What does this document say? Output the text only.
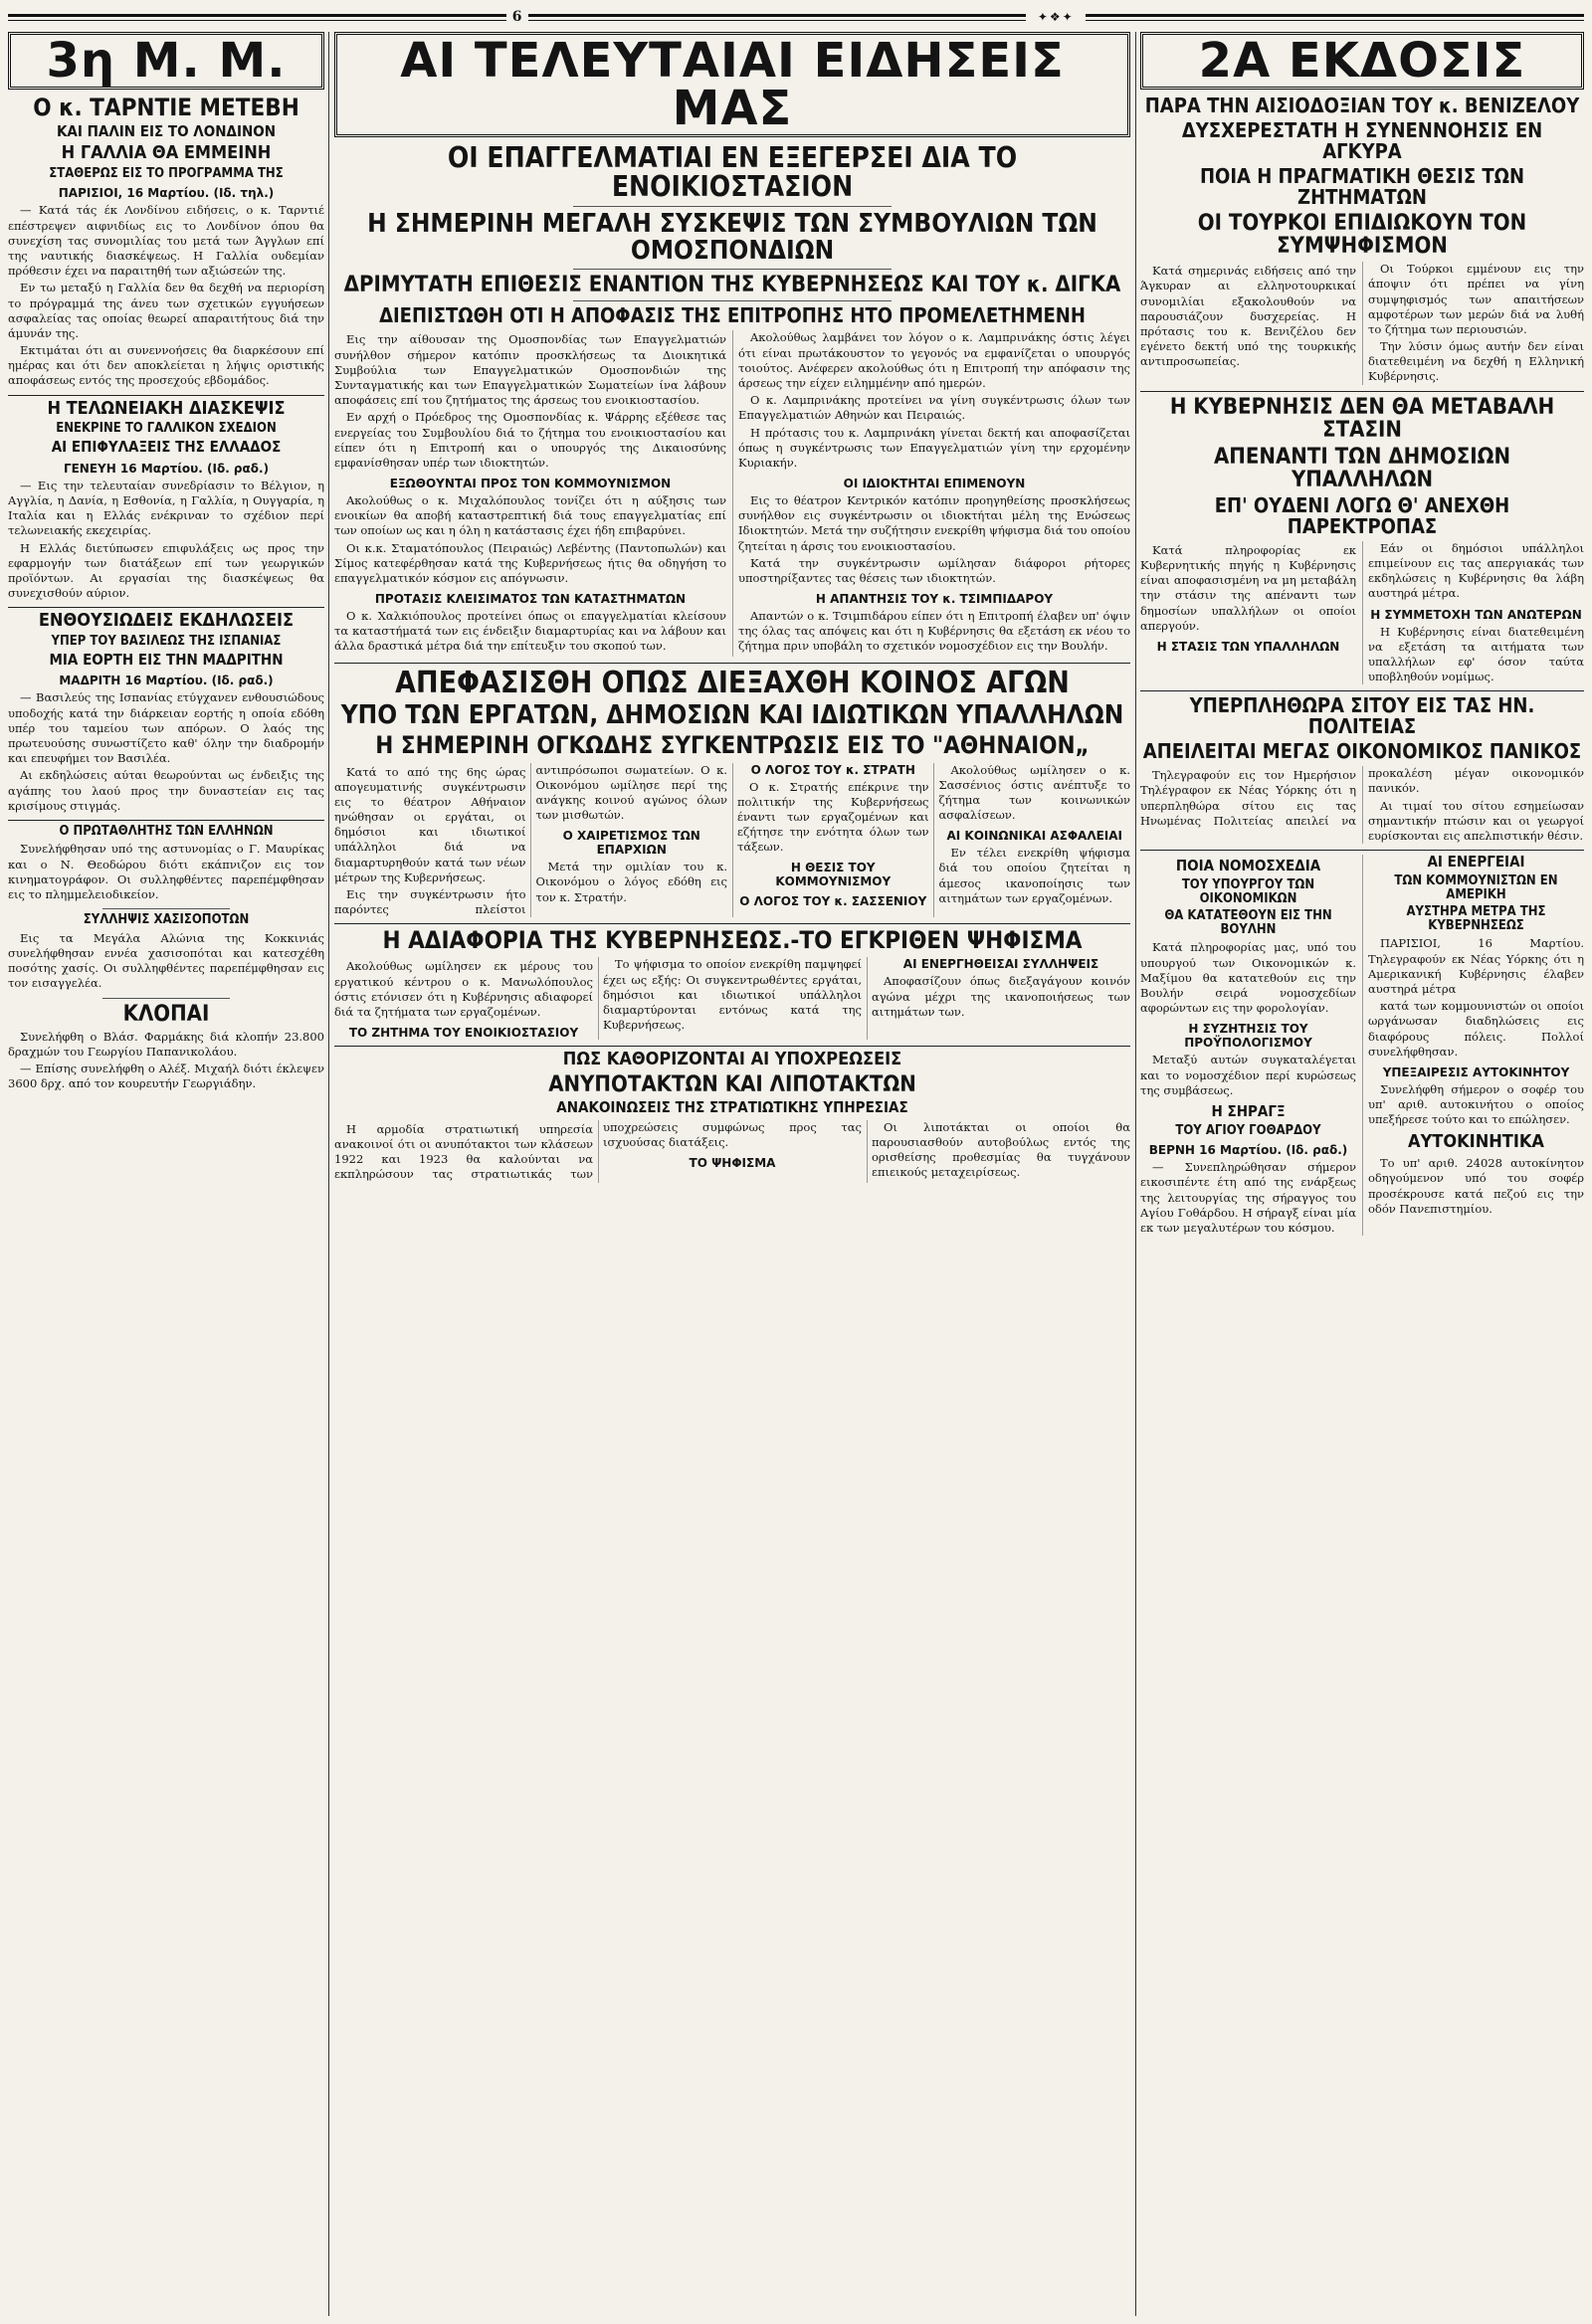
6	✦❖✦
3η Μ. Μ.
Ο κ. ΤΑΡΝΤΙΕ ΜΕΤΕΒΗ
ΚΑΙ ΠΑΛΙΝ ΕΙΣ ΤΟ ΛΟΝΔΙΝΟΝ
Η ΓΑΛΛΙΑ ΘΑ ΕΜΜΕΙΝΗ
ΣΤΑΘΕΡΩΣ ΕΙΣ ΤΟ ΠΡΟΓΡΑΜΜΑ ΤΗΣ
ΠΑΡΙΣΙΟΙ, 16 Μαρτίου. (Ιδ. τηλ.)

— Κατά τάς έκ Λονδίνου ειδήσεις, ο κ. Ταρντιέ επέστρεψεν αιφνιδίως εις το Λονδίνον όπου θα συνεχίση τας συνομιλίας του μετά των Άγγλων επί της ναυτικής διασκέψεως. Η Γαλλία ουδεμίαν πρόθεσιν έχει να παραιτηθή των αξιώσεών της.

Εν τω μεταξύ η Γαλλία δεν θα δεχθή να περιορίση το πρόγραμμά της άνευ των σχετικών εγγυήσεων ασφαλείας τας οποίας θεωρεί απαραιτήτους διά την άμυνάν της.

Εκτιμάται ότι αι συνεννοήσεις θα διαρκέσουν επί ημέρας και ότι δεν αποκλείεται η λήψις οριστικής αποφάσεως εντός της προσεχούς εβδομάδος.

Η ΤΕΛΩΝΕΙΑΚΗ ΔΙΑΣΚΕΨΙΣ
ΕΝΕΚΡΙΝΕ ΤΟ ΓΑΛΛΙΚΟΝ ΣΧΕΔΙΟΝ
ΑΙ ΕΠΙΦΥΛΑΞΕΙΣ ΤΗΣ ΕΛΛΑΔΟΣ
ΓΕΝΕΥΗ 16 Μαρτίου. (Ιδ. ραδ.)

— Εις την τελευταίαν συνεδρίασιν το Βέλγιον, η Αγγλία, η Δανία, η Εσθονία, η Γαλλία, η Ουγγαρία, η Ιταλία και η Ελλάς ενέκριναν το σχέδιον περί τελωνειακής εκεχειρίας.

Η Ελλάς διετύπωσεν επιφυλάξεις ως προς την εφαρμογήν των διατάξεων επί των γεωργικών προϊόντων. Αι εργασίαι της διασκέψεως θα συνεχισθούν αύριον.

ΕΝΘΟΥΣΙΩΔΕΙΣ ΕΚΔΗΛΩΣΕΙΣ
ΥΠΕΡ ΤΟΥ ΒΑΣΙΛΕΩΣ ΤΗΣ ΙΣΠΑΝΙΑΣ
ΜΙΑ ΕΟΡΤΗ ΕΙΣ ΤΗΝ ΜΑΔΡΙΤΗΝ
ΜΑΔΡΙΤΗ 16 Μαρτίου. (Ιδ. ραδ.)

— Βασιλεύς της Ισπανίας ετύγχανεν ενθουσιώδους υποδοχής κατά την διάρκειαν εορτής η οποία εδόθη υπέρ του ταμείου των απόρων. Ο λαός της πρωτευούσης συνωστίζετο καθ' όλην την διαδρομήν και επευφήμει τον Βασιλέα.

Αι εκδηλώσεις αύται θεωρούνται ως ένδειξις της αγάπης του λαού προς την δυναστείαν εις τας κρισίμους στιγμάς.

Ο ΠΡΩΤΑΘΛΗΤΗΣ ΤΩΝ ΕΛΛΗΝΩΝ

Συνελήφθησαν υπό της αστυνομίας ο Γ. Μαυρίκας και ο Ν. Θεοδώρου διότι εκάπνιζον εις τον κινηματογράφον. Οι συλληφθέντες παρεπέμφθησαν εις το πλημμελειοδικείον.

ΣΥΛΛΗΨΙΣ ΧΑΣΙΣΟΠΟΤΩΝ

Εις τα Μεγάλα Αλώνια της Κοκκινιάς συνελήφθησαν εννέα χασισοπόται και κατεσχέθη ποσότης χασίς. Οι συλληφθέντες παρεπέμφθησαν εις τον εισαγγελέα.

ΚΛΟΠΑΙ

Συνελήφθη ο Βλάσ. Φαρμάκης διά κλοπήν 23.800 δραχμών του Γεωργίου Παπανικολάου.

— Επίσης συνελήφθη ο Αλέξ. Μιχαήλ διότι έκλεψεν 3600 δρχ. από τον κουρευτήν Γεωργιάδην.

ΑΙ ΤΕΛΕΥΤΑΙΑΙ ΕΙΔΗΣΕΙΣ ΜΑΣ
ΟΙ ΕΠΑΓΓΕΛΜΑΤΙΑΙ ΕΝ ΕΞΕΓΕΡΣΕΙ ΔΙΑ ΤΟ ΕΝΟΙΚΙΟΣΤΑΣΙΟΝ
Η ΣΗΜΕΡΙΝΗ ΜΕΓΑΛΗ ΣΥΣΚΕΨΙΣ ΤΩΝ ΣΥΜΒΟΥΛΙΩΝ ΤΩΝ ΟΜΟΣΠΟΝΔΙΩΝ
ΔΡΙΜΥΤΑΤΗ ΕΠΙΘΕΣΙΣ ΕΝΑΝΤΙΟΝ ΤΗΣ ΚΥΒΕΡΝΗΣΕΩΣ ΚΑΙ ΤΟΥ κ. ΔΙΓΚΑ
ΔΙΕΠΙΣΤΩΘΗ ΟΤΙ Η ΑΠΟΦΑΣΙΣ ΤΗΣ ΕΠΙΤΡΟΠΗΣ ΗΤΟ ΠΡΟΜΕΛΕΤΗΜΕΝΗ

Εις την αίθουσαν της Ομοσπονδίας των Επαγγελματιών συνήλθον σήμερον κατόπιν προσκλήσεως τα Διοικητικά Συμβούλια των Επαγγελματικών Ομοσπονδιών της Συνταγματικής και των Επαγγελματικών Σωματείων ίνα λάβουν αποφάσεις επί του ζητήματος της άρσεως του ενοικιοστασίου.

Εν αρχή ο Πρόεδρος της Ομοσπονδίας κ. Ψάρρης εξέθεσε τας ενεργείας του Συμβουλίου διά το ζήτημα του ενοικιοστασίου και είπεν ότι η Επιτροπή και ο υπουργός της Δικαιοσύνης εμφανίσθησαν υπέρ των ιδιοκτητών.

ΕΞΩΘΟΥΝΤΑΙ ΠΡΟΣ ΤΟΝ ΚΟΜΜΟΥΝΙΣΜΟΝ

Ακολούθως ο κ. Μιχαλόπουλος τονίζει ότι η αύξησις των ενοικίων θα αποβή καταστρεπτική διά τους επαγγελματίας επί των οποίων ως και η όλη η κατάστασις έχει ήδη επιβαρύνει.

Οι κ.κ. Σταματόπουλος (Πειραιώς) Λεβέντης (Παντοπωλών) και Σίμος κατεφέρθησαν κατά της Κυβερνήσεως ήτις θα οδηγήση το επαγγελματικόν κόσμον εις απόγνωσιν.

ΠΡΟΤΑΣΙΣ ΚΛΕΙΣΙΜΑΤΟΣ ΤΩΝ ΚΑΤΑΣΤΗΜΑΤΩΝ

Ο κ. Χαλκιόπουλος προτείνει όπως οι επαγγελματίαι κλείσουν τα καταστήματά των εις ένδειξιν διαμαρτυρίας και να λάβουν και άλλα δραστικά μέτρα διά την επίτευξιν του σκοπού των.

Ακολούθως λαμβάνει τον λόγον ο κ. Λαμπρινάκης όστις λέγει ότι είναι πρωτάκουστον το γεγονός να εμφανίζεται ο υπουργός τοιούτος. Ανέφερεν ακολούθως ότι η Επιτροπή την απόφασιν της άρσεως την είχεν ειλημμένην από ημερών.

Ο κ. Λαμπρινάκης προτείνει να γίνη συγκέντρωσις όλων των Επαγγελματιών Αθηνών και Πειραιώς.

Η πρότασις του κ. Λαμπρινάκη γίνεται δεκτή και αποφασίζεται όπως η συγκέντρωσις των Επαγγελματιών γίνη την ερχομένην Κυριακήν.

ΟΙ ΙΔΙΟΚΤΗΤΑΙ ΕΠΙΜΕΝΟΥΝ

Εις το θέατρον Κεντρικόν κατόπιν προηγηθείσης προσκλήσεως συνήλθον εις συγκέντρωσιν οι ιδιοκτήται μέλη της Ενώσεως Ιδιοκτητών. Μετά την συζήτησιν ενεκρίθη ψήφισμα διά του οποίου ζητείται η άρσις του ενοικιοστασίου.

Κατά την συγκέντρωσιν ωμίλησαν διάφοροι ρήτορες υποστηρίξαντες τας θέσεις των ιδιοκτητών.

Η ΑΠΑΝΤΗΣΙΣ ΤΟΥ κ. ΤΣΙΜΠΙΔΑΡΟΥ

Απαντών ο κ. Τσιμπιδάρου είπεν ότι η Επιτροπή έλαβεν υπ' όψιν της όλας τας απόψεις και ότι η Κυβέρνησις θα εξετάση εκ νέου το ζήτημα πριν υποβάλη το σχετικόν νομοσχέδιον εις την Βουλήν.

ΑΠΕΦΑΣΙΣΘΗ ΟΠΩΣ ΔΙΕΞΑΧΘΗ ΚΟΙΝΟΣ ΑΓΩΝ
ΥΠΟ ΤΩΝ ΕΡΓΑΤΩΝ, ΔΗΜΟΣΙΩΝ ΚΑΙ ΙΔΙΩΤΙΚΩΝ ΥΠΑΛΛΗΛΩΝ
Η ΣΗΜΕΡΙΝΗ ΟΓΚΩΔΗΣ ΣΥΓΚΕΝΤΡΩΣΙΣ ΕΙΣ ΤΟ "ΑΘΗΝΑΙΟΝ„

Κατά το από της 6ης ώρας απογευματινής συγκέντρωσιν εις το θέατρον Αθήναιον ηνώθησαν οι εργάται, οι δημόσιοι και ιδιωτικοί υπάλληλοι διά να διαμαρτυρηθούν κατά των νέων μέτρων της Κυβερνήσεως.

Εις την συγκέντρωσιν ήτο παρόντες πλείστοι αντιπρόσωποι σωματείων. Ο κ. Οικονόμου ωμίλησε περί της ανάγκης κοινού αγώνος όλων των μισθωτών.

Ο ΧΑΙΡΕΤΙΣΜΟΣ ΤΩΝ ΕΠΑΡΧΙΩΝ

Μετά την ομιλίαν του κ. Οικονόμου ο λόγος εδόθη εις τον κ. Στρατήν.

Ο ΛΟΓΟΣ ΤΟΥ κ. ΣΤΡΑΤΗ

Ο κ. Στρατής επέκρινε την πολιτικήν της Κυβερνήσεως έναντι των εργαζομένων και εζήτησε την ενότητα όλων των τάξεων.

Η ΘΕΣΙΣ ΤΟΥ ΚΟΜΜΟΥΝΙΣΜΟΥ
Ο ΛΟΓΟΣ ΤΟΥ κ. ΣΑΣΣΕΝΙΟΥ

Ακολούθως ωμίλησεν ο κ. Σασσένιος όστις ανέπτυξε το ζήτημα των κοινωνικών ασφαλίσεων.

ΑΙ ΚΟΙΝΩΝΙΚΑΙ ΑΣΦΑΛΕΙΑΙ

Εν τέλει ενεκρίθη ψήφισμα διά του οποίου ζητείται η άμεσος ικανοποίησις των αιτημάτων των εργαζομένων.

Η ΑΔΙΑΦΟΡΙΑ ΤΗΣ ΚΥΒΕΡΝΗΣΕΩΣ.-ΤΟ ΕΓΚΡΙΘΕΝ ΨΗΦΙΣΜΑ

Ακολούθως ωμίλησεν εκ μέρους του εργατικού κέντρου ο κ. Μανωλόπουλος όστις ετόνισεν ότι η Κυβέρνησις αδιαφορεί διά τα ζητήματα των εργαζομένων.

ΤΟ ΖΗΤΗΜΑ ΤΟΥ ΕΝΟΙΚΙΟΣΤΑΣΙΟΥ

Το ψήφισμα το οποίον ενεκρίθη παμψηφεί έχει ως εξής: Οι συγκεντρωθέντες εργάται, δημόσιοι και ιδιωτικοί υπάλληλοι διαμαρτύρονται εντόνως κατά της Κυβερνήσεως.

ΑΙ ΕΝΕΡΓΗΘΕΙΣΑΙ ΣΥΛΛΗΨΕΙΣ

Αποφασίζουν όπως διεξαγάγουν κοινόν αγώνα μέχρι της ικανοποιήσεως των αιτημάτων των.

ΠΩΣ ΚΑΘΟΡΙΖΟΝΤΑΙ ΑΙ ΥΠΟΧΡΕΩΣΕΙΣ
ΑΝΥΠΟΤΑΚΤΩΝ ΚΑΙ ΛΙΠΟΤΑΚΤΩΝ
ΑΝΑΚΟΙΝΩΣΕΙΣ ΤΗΣ ΣΤΡΑΤΙΩΤΙΚΗΣ ΥΠΗΡΕΣΙΑΣ

Η αρμοδία στρατιωτική υπηρεσία ανακοινοί ότι οι ανυπότακτοι των κλάσεων 1922 και 1923 θα καλούνται να εκπληρώσουν τας στρατιωτικάς των υποχρεώσεις συμφώνως προς τας ισχυούσας διατάξεις.

ΤΟ ΨΗΦΙΣΜΑ

Οι λιποτάκται οι οποίοι θα παρουσιασθούν αυτοβούλως εντός της ορισθείσης προθεσμίας θα τυγχάνουν επιεικούς μεταχειρίσεως.

2Α ΕΚΔΟΣΙΣ
ΠΑΡΑ ΤΗΝ ΑΙΣΙΟΔΟΞΙΑΝ ΤΟΥ κ. ΒΕΝΙΖΕΛΟΥ
ΔΥΣΧΕΡΕΣΤΑΤΗ Η ΣΥΝΕΝΝΟΗΣΙΣ ΕΝ ΑΓΚΥΡΑ
ΠΟΙΑ Η ΠΡΑΓΜΑΤΙΚΗ ΘΕΣΙΣ ΤΩΝ ΖΗΤΗΜΑΤΩΝ
ΟΙ ΤΟΥΡΚΟΙ ΕΠΙΔΙΩΚΟΥΝ ΤΟΝ ΣΥΜΨΗΦΙΣΜΟΝ

Κατά σημερινάς ειδήσεις από την Άγκυραν αι ελληνοτουρκικαί συνομιλίαι εξακολουθούν να παρουσιάζουν δυσχερείας. Η πρότασις του κ. Βενιζέλου δεν εγένετο δεκτή υπό της τουρκικής αντιπροσωπείας.

Οι Τούρκοι εμμένουν εις την άποψιν ότι πρέπει να γίνη συμψηφισμός των απαιτήσεων αμφοτέρων των μερών διά να λυθή το ζήτημα των περιουσιών.

Την λύσιν όμως αυτήν δεν είναι διατεθειμένη να δεχθή η Ελληνική Κυβέρνησις.

Η ΚΥΒΕΡΝΗΣΙΣ ΔΕΝ ΘΑ ΜΕΤΑΒΑΛΗ ΣΤΑΣΙΝ
ΑΠΕΝΑΝΤΙ ΤΩΝ ΔΗΜΟΣΙΩΝ ΥΠΑΛΛΗΛΩΝ
ΕΠ' ΟΥΔΕΝΙ ΛΟΓΩ Θ' ΑΝΕΧΘΗ ΠΑΡΕΚΤΡΟΠΑΣ

Κατά πληροφορίας εκ Κυβερνητικής πηγής η Κυβέρνησις είναι αποφασισμένη να μη μεταβάλη την στάσιν της απέναντι των δημοσίων υπαλλήλων οι οποίοι απεργούν.

Η ΣΤΑΣΙΣ ΤΩΝ ΥΠΑΛΛΗΛΩΝ

Εάν οι δημόσιοι υπάλληλοι επιμείνουν εις τας απεργιακάς των εκδηλώσεις η Κυβέρνησις θα λάβη αυστηρά μέτρα.

Η ΣΥΜΜΕΤΟΧΗ ΤΩΝ ΑΝΩΤΕΡΩΝ

Η Κυβέρνησις είναι διατεθειμένη να εξετάση τα αιτήματα των υπαλλήλων εφ' όσον ταύτα υποβληθούν νομίμως.

ΥΠΕΡΠΛΗΘΩΡΑ ΣΙΤΟΥ ΕΙΣ ΤΑΣ ΗΝ. ΠΟΛΙΤΕΙΑΣ
ΑΠΕΙΛΕΙΤΑΙ ΜΕΓΑΣ ΟΙΚΟΝΟΜΙΚΟΣ ΠΑΝΙΚΟΣ

Τηλεγραφούν εις τον Ημερήσιον Τηλέγραφον εκ Νέας Υόρκης ότι η υπερπληθώρα σίτου εις τας Ηνωμένας Πολιτείας απειλεί να προκαλέση μέγαν οικονομικόν πανικόν.

Αι τιμαί του σίτου εσημείωσαν σημαντικήν πτώσιν και οι γεωργοί ευρίσκονται εις απελπιστικήν θέσιν.

ΠΟΙΑ ΝΟΜΟΣΧΕΔΙΑ
ΤΟΥ ΥΠΟΥΡΓΟΥ ΤΩΝ ΟΙΚΟΝΟΜΙΚΩΝ
ΘΑ ΚΑΤΑΤΕΘΟΥΝ ΕΙΣ ΤΗΝ ΒΟΥΛΗΝ

Κατά πληροφορίας μας, υπό του υπουργού των Οικονομικών κ. Μαξίμου θα κατατεθούν εις την Βουλήν σειρά νομοσχεδίων αφορώντων εις την φορολογίαν.

Η ΣΥΖΗΤΗΣΙΣ ΤΟΥ ΠΡΟΫΠΟΛΟΓΙΣΜΟΥ

Μεταξύ αυτών συγκαταλέγεται και το νομοσχέδιον περί κυρώσεως της συμβάσεως.

Η ΣΗΡΑΓΞ
ΤΟΥ ΑΓΙΟΥ ΓΟΘΑΡΔΟΥ
ΒΕΡΝΗ 16 Μαρτίου. (Ιδ. ραδ.)

— Συνεπληρώθησαν σήμερον εικοσιπέντε έτη από της ενάρξεως της λειτουργίας της σήραγγος του Αγίου Γοθάρδου. Η σήραγξ είναι μία εκ των μεγαλυτέρων του κόσμου.

ΑΙ ΕΝΕΡΓΕΙΑΙ
ΤΩΝ ΚΟΜΜΟΥΝΙΣΤΩΝ ΕΝ ΑΜΕΡΙΚΗ
ΑΥΣΤΗΡΑ ΜΕΤΡΑ ΤΗΣ ΚΥΒΕΡΝΗΣΕΩΣ

ΠΑΡΙΣΙΟΙ, 16 Μαρτίου. Τηλεγραφούν εκ Νέας Υόρκης ότι η Αμερικανική Κυβέρνησις έλαβεν αυστηρά μέτρα

κατά των κομμουνιστών οι οποίοι ωργάνωσαν διαδηλώσεις εις διαφόρους πόλεις. Πολλοί συνελήφθησαν.

ΥΠΕΞΑΙΡΕΣΙΣ ΑΥΤΟΚΙΝΗΤΟΥ

Συνελήφθη σήμερον ο σοφέρ του υπ' αριθ. αυτοκινήτου ο οποίος υπεξήρεσε τούτο και το επώλησεν.

ΑΥΤΟΚΙΝΗΤΙΚΑ

Το υπ' αριθ. 24028 αυτοκίνητον οδηγούμενον υπό του σοφέρ προσέκρουσε κατά πεζού εις την οδόν Πανεπιστημίου.
